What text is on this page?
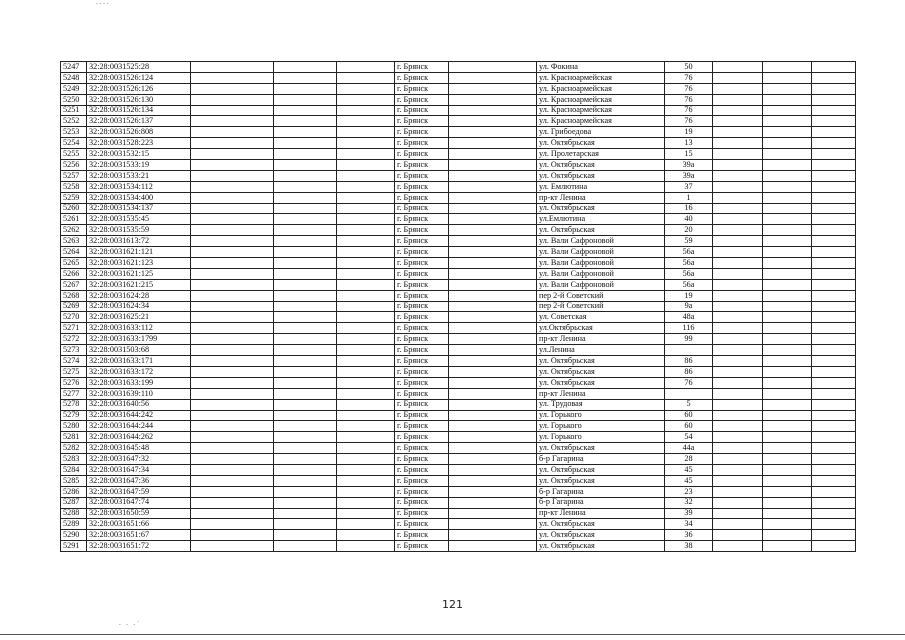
‐‐‐‐
5247	32:28:0031525:28				г. Брянск		ул. Фокина	50			
5248	32:28:0031526:124				г. Брянск		ул. Красноармейская	76			
5249	32:28:0031526:126				г. Брянск		ул. Красноармейская	76			
5250	32:28:0031526:130				г. Брянск		ул. Красноармейская	76			
5251	32:28:0031526:134				г. Брянск		ул. Красноармейская	76			
5252	32:28:0031526:137				г. Брянск		ул. Красноармейская	76			
5253	32:28:0031526:808				г. Брянск		ул. Грибоедова	19			
5254	32:28:0031528:223				г. Брянск		ул. Октябрьская	13			
5255	32:28:0031532:15				г. Брянск		ул. Пролетарская	15			
5256	32:28:0031533:19				г. Брянск		ул. Октябрьская	39а			
5257	32:28:0031533:21				г. Брянск		ул. Октябрьская	39а			
5258	32:28:0031534:112				г. Брянск		ул. Емлютина	37			
5259	32:28:0031534:400				г. Брянск		пр-кт Ленина	1			
5260	32:28:0031534:137				г. Брянск		ул. Октябрьская	16			
5261	32:28:0031535:45				г. Брянск		ул.Емлютина	40			
5262	32:28:0031535:59				г. Брянск		ул. Октябрьская	20			
5263	32:28:0031613:72				г. Брянск		ул. Вали Сафроновой	59			
5264	32:28:0031621:121				г. Брянск		ул. Вали Сафроновой	56а			
5265	32:28:0031621:123				г. Брянск		ул. Вали Сафроновой	56а			
5266	32:28:0031621:125				г. Брянск		ул. Вали Сафроновой	56а			
5267	32:28:0031621:215				г. Брянск		ул. Вали Сафроновой	56а			
5268	32:28:0031624:28				г. Брянск		пер 2-й Советский	19			
5269	32:28:0031624:34				г. Брянск		пер 2-й Советский	9а			
5270	32:28:0031625:21				г. Брянск		ул. Советская	48а			
5271	32:28:0031633:112				г. Брянск		ул.Октябрьская	116			
5272	32:28:0031633:1799				г. Брянск		пр-кт Ленина	99			
5273	32:28:0031503:68				г. Брянск		ул.Ленина				
5274	32:28:0031633:171				г. Брянск		ул. Октябрьская	86			
5275	32:28:0031633:172				г. Брянск		ул. Октябрьская	86			
5276	32:28:0031633:199				г. Брянск		ул. Октябрьская	76			
5277	32:28:0031639:110				г. Брянск		пр-кт Ленина				
5278	32:28:0031640:56				г. Брянск		ул. Трудовая	5			
5279	32:28:0031644:242				г. Брянск		ул. Горького	60			
5280	32:28:0031644:244				г. Брянск		ул. Горького	60			
5281	32:28:0031644:262				г. Брянск		ул. Горького	54			
5282	32:28:0031645:48				г. Брянск		ул. Октябрьская	44а			
5283	32:28:0031647:32				г. Брянск		б-р Гагарина	28			
5284	32:28:0031647:34				г. Брянск		ул. Октябрьская	45			
5285	32:28:0031647:36				г. Брянск		ул. Октябрьская	45			
5286	32:28:0031647:59				г. Брянск		б-р Гагарина	23			
5287	32:28:0031647:74				г. Брянск		б-р Гагарина	32			
5288	32:28:0031650:59				г. Брянск		пр-кт Ленина	39			
5289	32:28:0031651:66				г. Брянск		ул. Октябрьская	34			
5290	32:28:0031651:67				г. Брянск		ул. Октябрьская	36			
5291	32:28:0031651:72				г. Брянск		ул. Октябрьская	38			
121
‐ ‐ ‐´
